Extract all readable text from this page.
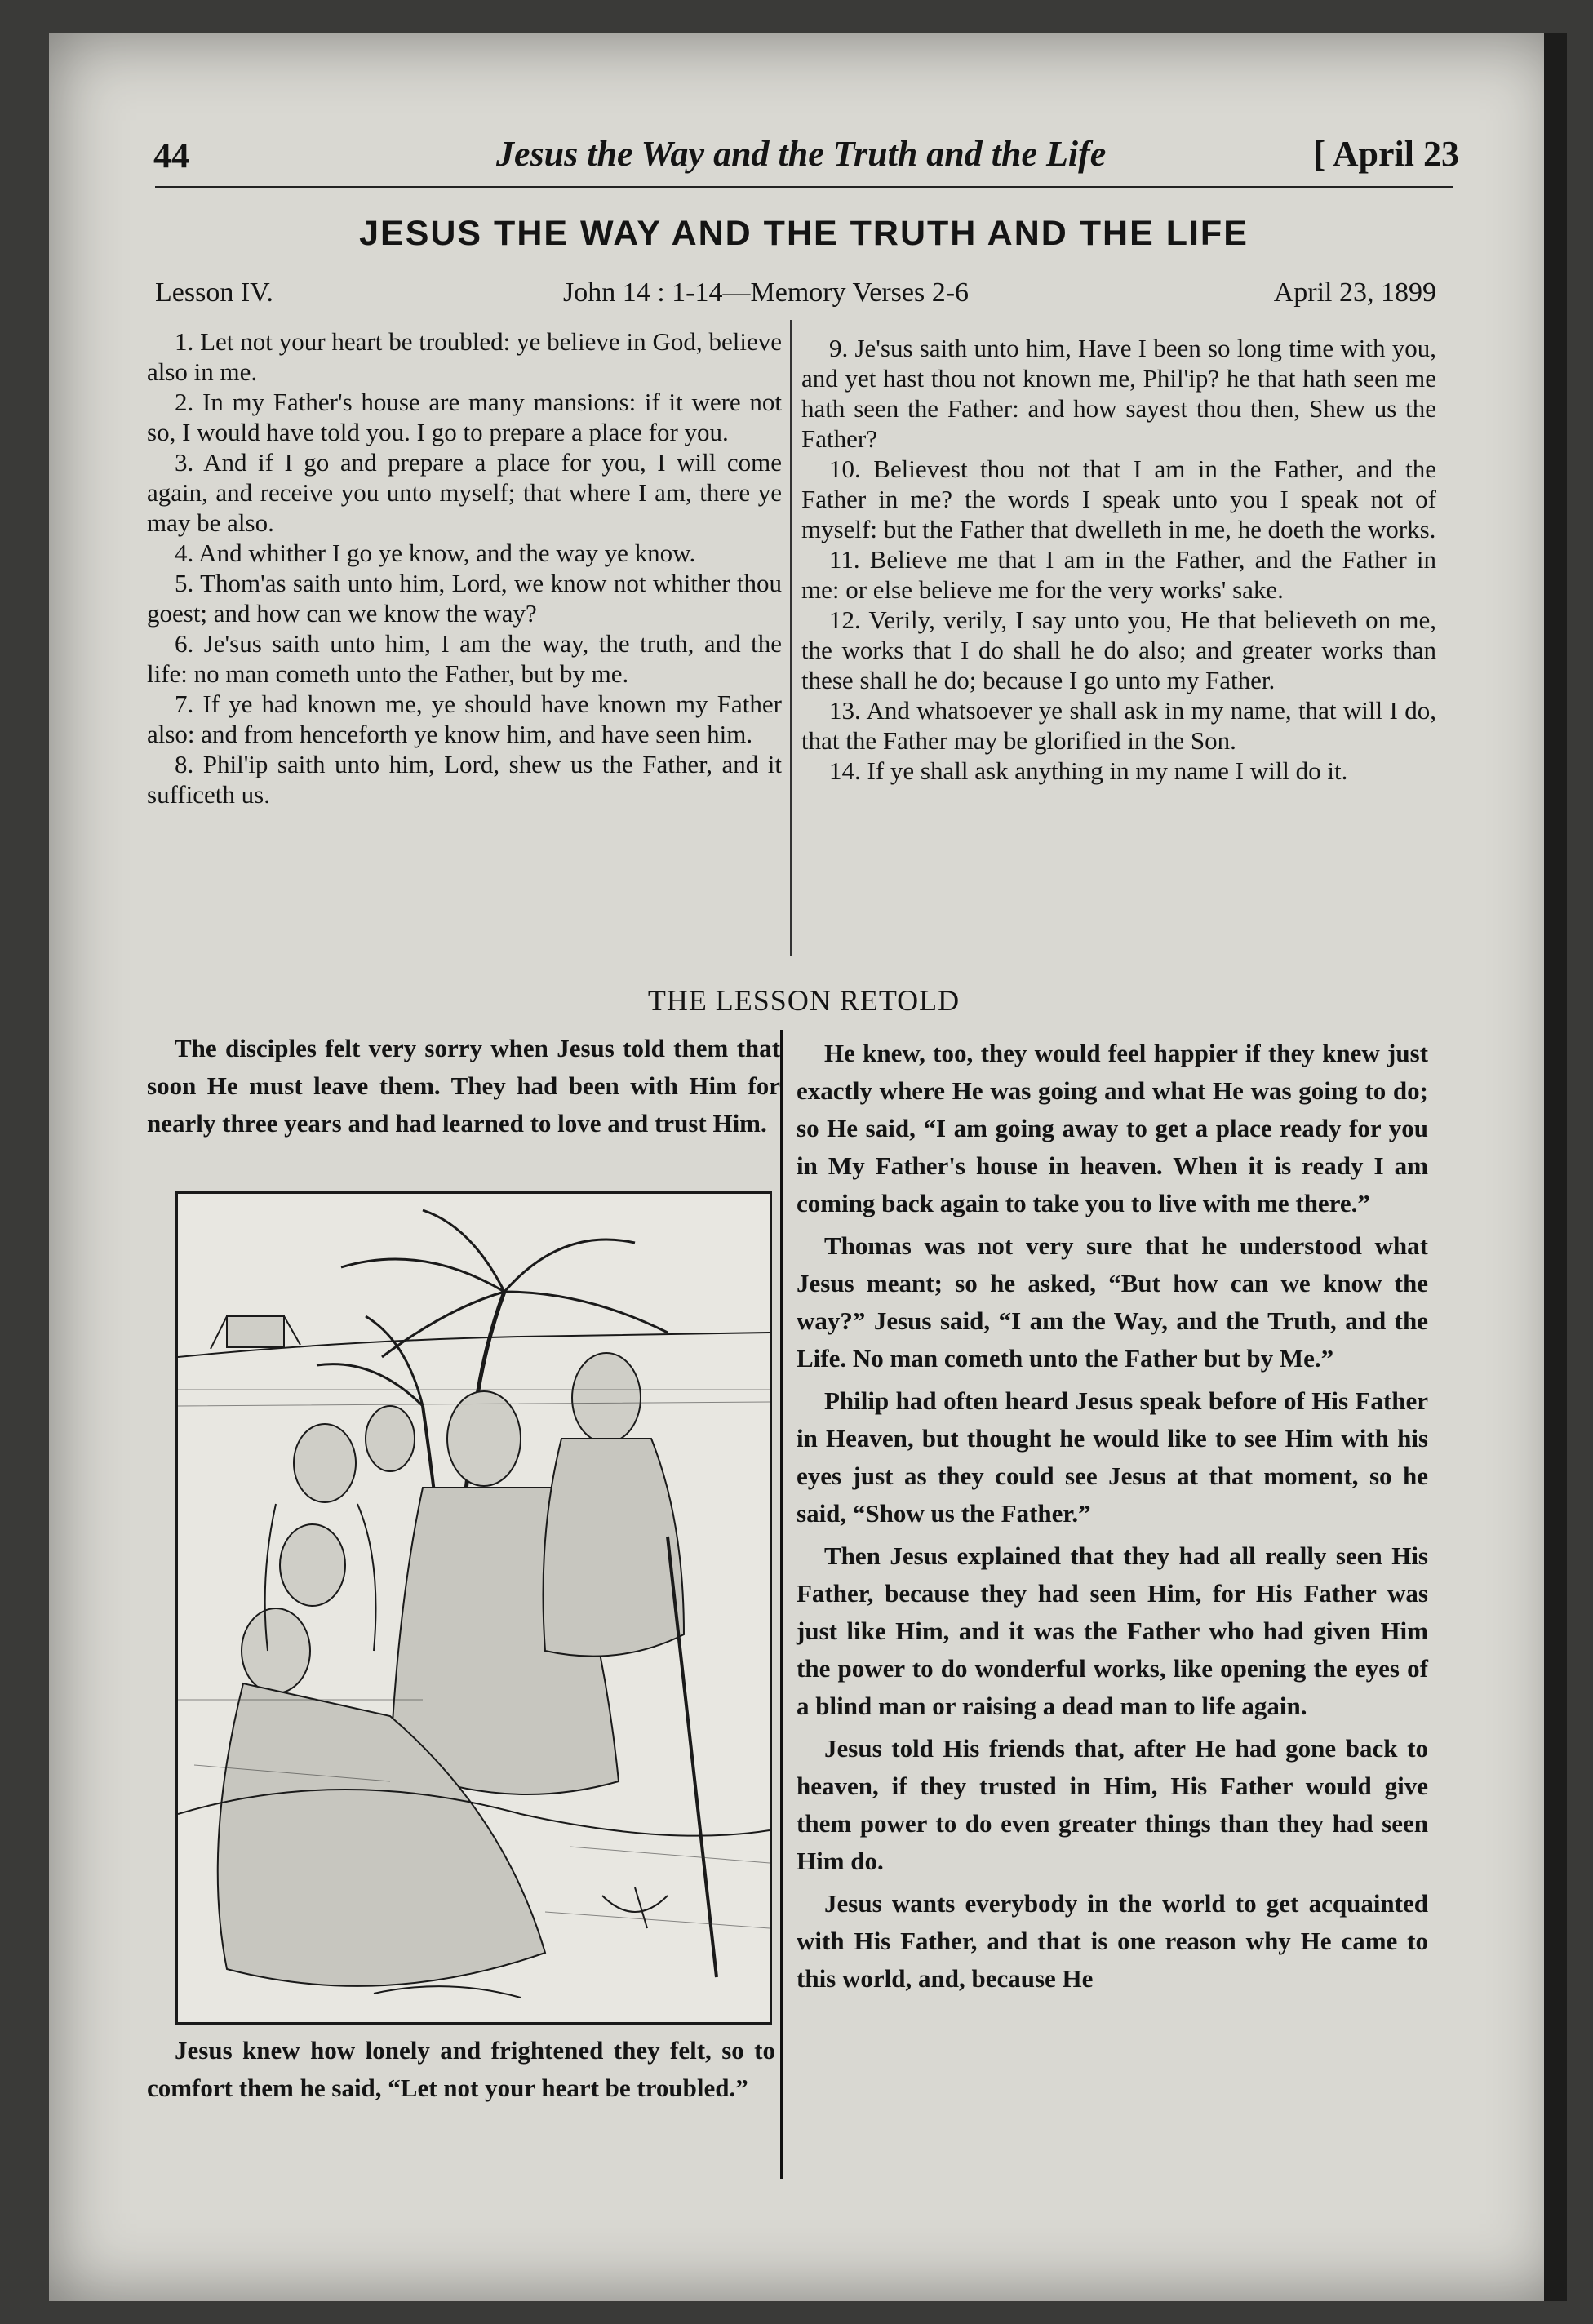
44	Jesus the Way and the Truth and the Life	[ April 23
JESUS THE WAY AND THE TRUTH AND THE LIFE
Lesson IV.	John 14 : 1-14—Memory Verses 2-6	April 23, 1899

1. Let not your heart be troubled: ye believe in God, believe also in me.

2. In my Father's house are many mansions: if it were not so, I would have told you. I go to prepare a place for you.

3. And if I go and prepare a place for you, I will come again, and receive you unto myself; that where I am, there ye may be also.

4. And whither I go ye know, and the way ye know.

5. Thom'as saith unto him, Lord, we know not whither thou goest; and how can we know the way?

6. Je'sus saith unto him, I am the way, the truth, and the life: no man cometh unto the Father, but by me.

7. If ye had known me, ye should have known my Father also: and from henceforth ye know him, and have seen him.

8. Phil'ip saith unto him, Lord, shew us the Father, and it sufficeth us.

9. Je'sus saith unto him, Have I been so long time with you, and yet hast thou not known me, Phil'ip? he that hath seen me hath seen the Father: and how sayest thou then, Shew us the Father?

10. Believest thou not that I am in the Father, and the Father in me? the words I speak unto you I speak not of myself: but the Father that dwelleth in me, he doeth the works.

11. Believe me that I am in the Father, and the Father in me: or else believe me for the very works' sake.

12. Verily, verily, I say unto you, He that believeth on me, the works that I do shall he do also; and greater works than these shall he do; because I go unto my Father.

13. And whatsoever ye shall ask in my name, that will I do, that the Father may be glorified in the Son.

14. If ye shall ask anything in my name I will do it.

THE LESSON RETOLD

The disciples felt very sorry when Jesus told them that soon He must leave them. They had been with Him for nearly three years and had learned to love and trust Him.

Jesus knew how lonely and frightened they felt, so to comfort them he said, “Let not your heart be troubled.”

He knew, too, they would feel happier if they knew just exactly where He was going and what He was going to do; so He said, “I am going away to get a place ready for you in My Father's house in heaven. When it is ready I am coming back again to take you to live with me there.”

Thomas was not very sure that he understood what Jesus meant; so he asked, “But how can we know the way?” Jesus said, “I am the Way, and the Truth, and the Life. No man cometh unto the Father but by Me.”

Philip had often heard Jesus speak before of His Father in Heaven, but thought he would like to see Him with his eyes just as they could see Jesus at that moment, so he said, “Show us the Father.”

Then Jesus explained that they had all really seen His Father, because they had seen Him, for His Father was just like Him, and it was the Father who had given Him the power to do wonderful works, like opening the eyes of a blind man or raising a dead man to life again.

Jesus told His friends that, after He had gone back to heaven, if they trusted in Him, His Father would give them power to do even greater things than they had seen Him do.

Jesus wants everybody in the world to get acquainted with His Father, and that is one reason why He came to this world, and, because He
